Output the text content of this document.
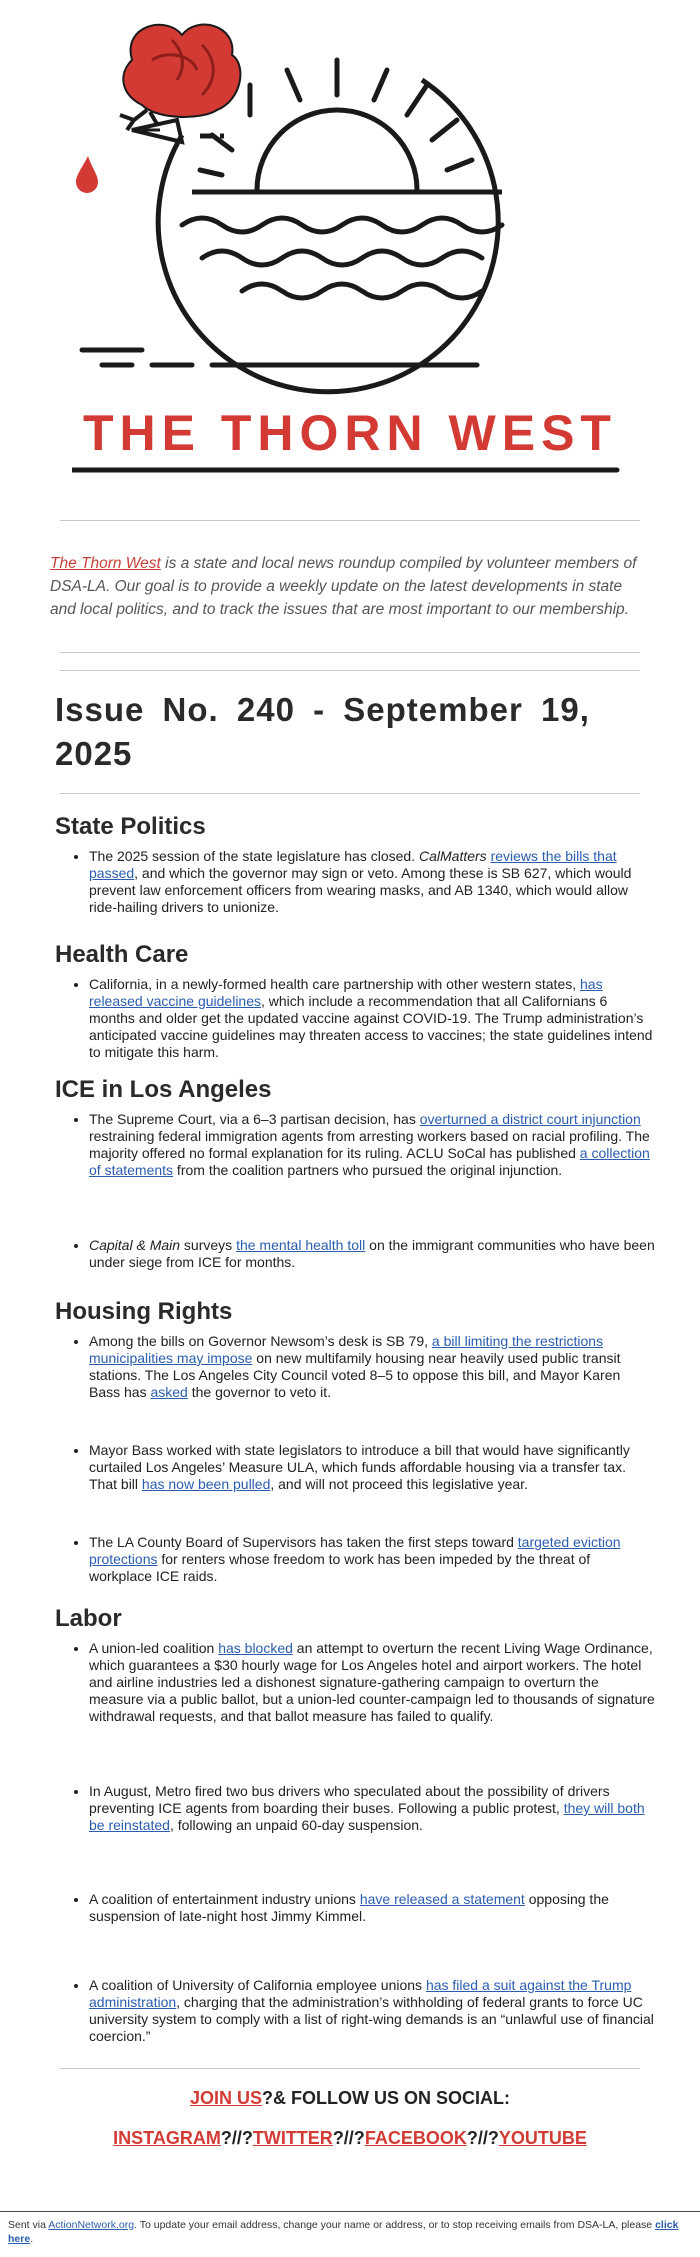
THE THORN WEST

The Thorn West is a state and local news roundup compiled by volunteer members of DSA-LA. Our goal is to provide a weekly update on the latest developments in state and local politics, and to track the issues that are most important to our membership.

Issue No. 240 - September 19, 2025
State Politics
• The 2025 session of the state legislature has closed. CalMatters reviews the bills that passed, and which the governor may sign or veto. Among these is SB 627, which would prevent law enforcement officers from wearing masks, and AB 1340, which would allow ride-hailing drivers to unionize.
Health Care
• California, in a newly-formed health care partnership with other western states, has released vaccine guidelines, which include a recommendation that all Californians 6 months and older get the updated vaccine against COVID-19. The Trump administration’s anticipated vaccine guidelines may threaten access to vaccines; the state guidelines intend to mitigate this harm.
ICE in Los Angeles
• The Supreme Court, via a 6–3 partisan decision, has overturned a district court injunction restraining federal immigration agents from arresting workers based on racial profiling. The majority offered no formal explanation for its ruling. ACLU SoCal has published a collection of statements from the coalition partners who pursued the original injunction.
• Capital & Main surveys the mental health toll on the immigrant communities who have been under siege from ICE for months.
Housing Rights
• Among the bills on Governor Newsom’s desk is SB 79, a bill limiting the restrictions municipalities may impose on new multifamily housing near heavily used public transit stations. The Los Angeles City Council voted 8–5 to oppose this bill, and Mayor Karen Bass has asked the governor to veto it.
• Mayor Bass worked with state legislators to introduce a bill that would have significantly curtailed Los Angeles’ Measure ULA, which funds affordable housing via a transfer tax. That bill has now been pulled, and will not proceed this legislative year.
• The LA County Board of Supervisors has taken the first steps toward targeted eviction protections for renters whose freedom to work has been impeded by the threat of workplace ICE raids.
Labor
• A union-led coalition has blocked an attempt to overturn the recent Living Wage Ordinance, which guarantees a $30 hourly wage for Los Angeles hotel and airport workers. The hotel and airline industries led a dishonest signature-gathering campaign to overturn the measure via a public ballot, but a union-led counter-campaign led to thousands of signature withdrawal requests, and that ballot measure has failed to qualify.
• In August, Metro fired two bus drivers who speculated about the possibility of drivers preventing ICE agents from boarding their buses. Following a public protest, they will both be reinstated, following an unpaid 60-day suspension.
• A coalition of entertainment industry unions have released a statement opposing the suspension of late-night host Jimmy Kimmel.
• A coalition of University of California employee unions has filed a suit against the Trump administration, charging that the administration’s withholding of federal grants to force UC university system to comply with a list of right-wing demands is an “unlawful use of financial coercion.”

JOIN US?& FOLLOW US ON SOCIAL:

INSTAGRAM?//?TWITTER?//?FACEBOOK?//?YOUTUBE

Sent via ActionNetwork.org. To update your email address, change your name or address, or to stop receiving emails from DSA-LA, please click here.
